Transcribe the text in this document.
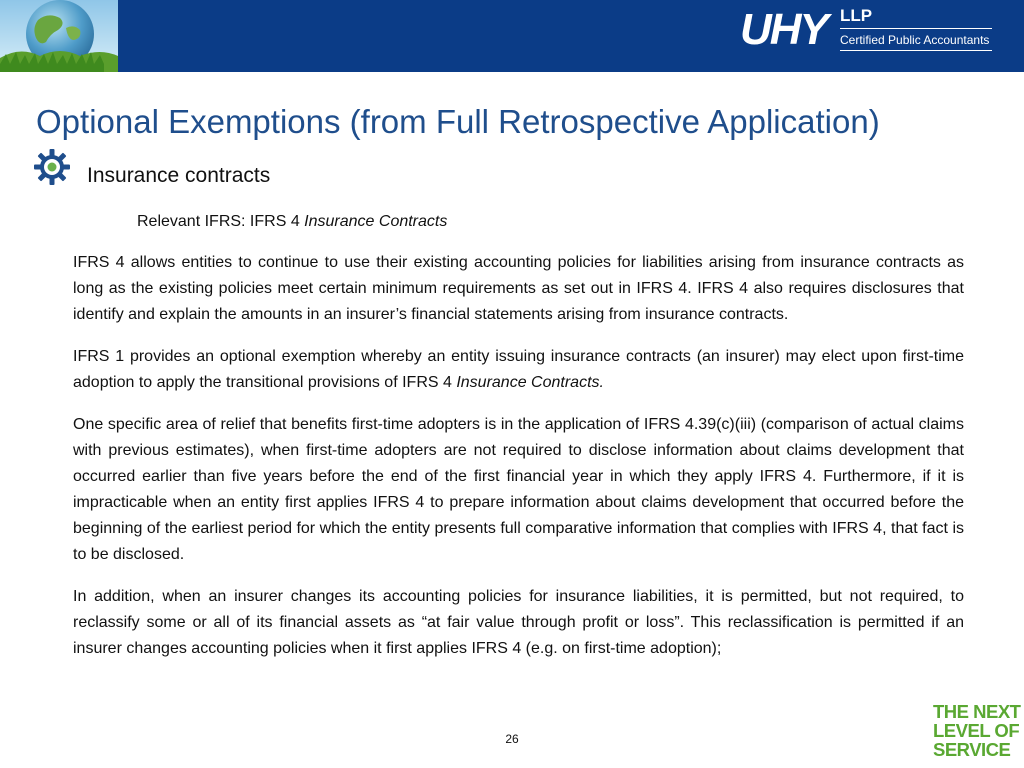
UHY LLP
Certified Public Accountants
Optional Exemptions (from Full Retrospective Application)
Insurance contracts
Relevant IFRS: IFRS 4 Insurance Contracts

IFRS 4 allows entities to continue to use their existing accounting policies for liabilities arising from insurance contracts as long as the existing policies meet certain minimum requirements as set out in IFRS 4. IFRS 4 also requires disclosures that identify and explain the amounts in an insurer’s financial statements arising from insurance contracts.

IFRS 1 provides an optional exemption whereby an entity issuing insurance contracts (an insurer) may elect upon first-time adoption to apply the transitional provisions of IFRS 4 Insurance Contracts.

One specific area of relief that benefits first-time adopters is in the application of IFRS 4.39(c)(iii) (comparison of actual claims with previous estimates), when first-time adopters are not required to disclose information about claims development that occurred earlier than five years before the end of the first financial year in which they apply IFRS 4. Furthermore, if it is impracticable when an entity first applies IFRS 4 to prepare information about claims development that occurred before the beginning of the earliest period for which the entity presents full comparative information that complies with IFRS 4, that fact is to be disclosed.

In addition, when an insurer changes its accounting policies for insurance liabilities, it is permitted, but not required, to reclassify some or all of its financial assets as “at fair value through profit or loss”. This reclassification is permitted if an insurer changes accounting policies when it first applies IFRS 4 (e.g. on first-time adoption);

26
THE NEXT
LEVEL OF
SERVICE
